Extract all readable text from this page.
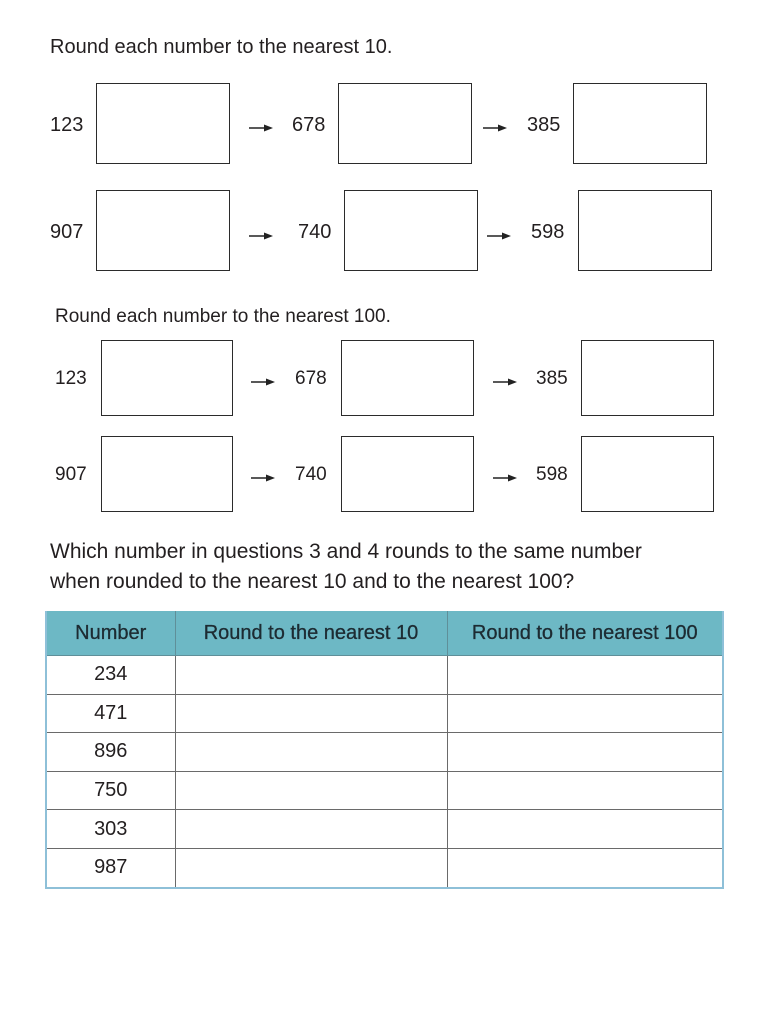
Round each number to the nearest 10.
123	678	385
907	740	598
Round each number to the nearest 100.
123	678	385
907	740	598
Which number in questions 3 and 4 rounds to the same number
when rounded to the nearest 10 and to the nearest 100?
Number	Round to the nearest 10	Round to the nearest 100
234		
471		
896		
750		
303		
987		
